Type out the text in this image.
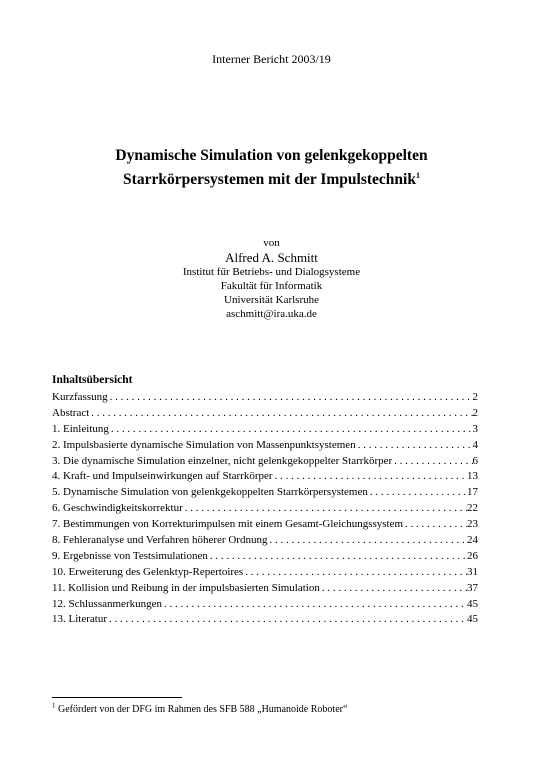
Interner Bericht 2003/19
Dynamische Simulation von gelenkgekoppelten
Starrkörpersystemen mit der Impulstechnik$^1$
von
Alfred A. Schmitt
Institut für Betriebs- und Dialogsysteme
Fakultät für Informatik
Universität Karlsruhe
aschmitt@ira.uka.de
Inhaltsübersicht
Kurzfassung . . .	2
Abstract . . .	2
1. Einleitung . . .	3
2. Impulsbasierte dynamische Simulation von Massenpunktsystemen . . .	4
3. Die dynamische Simulation einzelner, nicht gelenkgekoppelter Starrkörper . . .	6
4. Kraft- und Impulseinwirkungen auf Starrkörper . . .	13
5. Dynamische Simulation von gelenkgekoppelten Starrkörpersystemen . . .	17
6. Geschwindigkeitskorrektur . . .	22
7. Bestimmungen von Korrekturimpulsen mit einem Gesamt-Gleichungssystem . . .	23
8. Fehleranalyse und Verfahren höherer Ordnung . . .	24
9. Ergebnisse von Testsimulationen . . .	26
10. Erweiterung des Gelenktyp-Repertoires . . .	31
11. Kollision und Reibung in der impulsbasierten Simulation . . .	37
12. Schlussanmerkungen . . .	45
13. Literatur . . .	45
$^1$ Gefördert von der DFG im Rahmen des SFB 588 „Humanoide Roboter“
